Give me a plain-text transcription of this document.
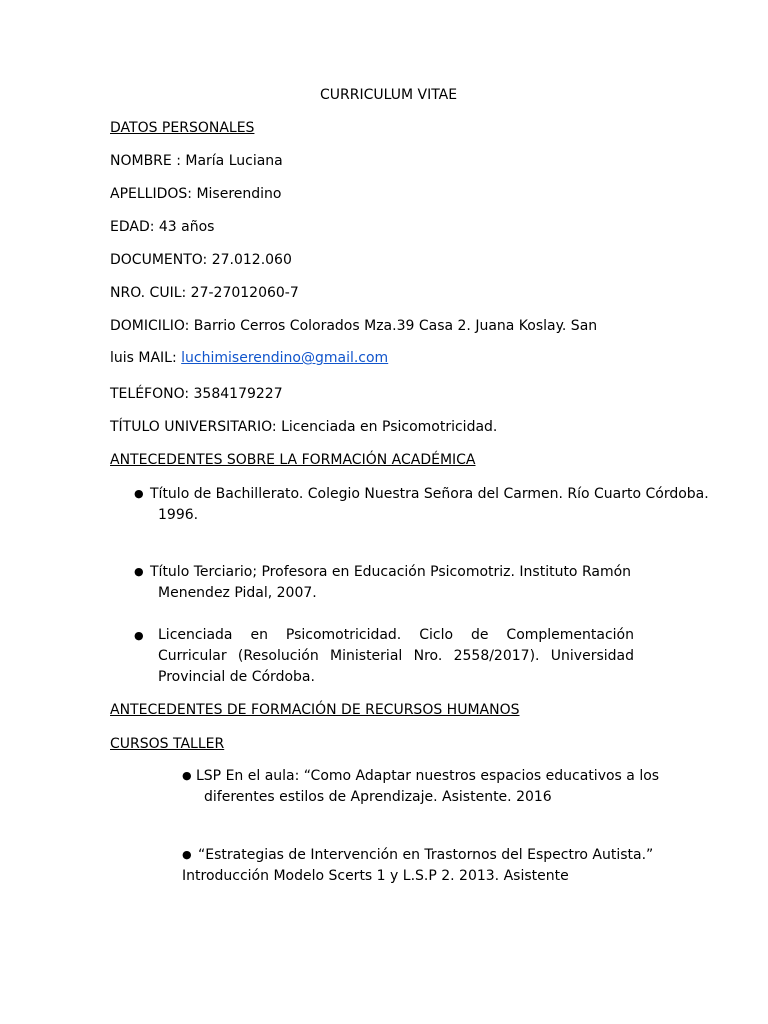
CURRICULUM VITAE
DATOS PERSONALES
NOMBRE : María Luciana
APELLIDOS: Miserendino
EDAD: 43 años
DOCUMENTO: 27.012.060
NRO. CUIL: 27-27012060-7
DOMICILIO: Barrio Cerros Colorados Mza.39 Casa 2. Juana Koslay. San
luis MAIL: luchimiserendino@gmail.com
TELÉFONO: 3584179227
TÍTULO UNIVERSITARIO: Licenciada en Psicomotricidad.
ANTECEDENTES SOBRE LA FORMACIÓN ACADÉMICA
● Título de Bachillerato. Colegio Nuestra Señora del Carmen. Río Cuarto Córdoba.
1996.
● Título Terciario; Profesora en Educación Psicomotriz. Instituto Ramón
Menendez Pidal, 2007.
● Licenciada en Psicomotricidad. Ciclo de Complementación Curricular (Resolución Ministerial Nro. 2558/2017). Universidad Provincial de Córdoba.
ANTECEDENTES DE FORMACIÓN DE RECURSOS HUMANOS
CURSOS TALLER
● LSP En el aula: “Como Adaptar nuestros espacios educativos a los
diferentes estilos de Aprendizaje. Asistente. 2016
● “Estrategias de Intervención en Trastornos del Espectro Autista.”
Introducción Modelo Scerts 1 y L.S.P 2. 2013. Asistente
